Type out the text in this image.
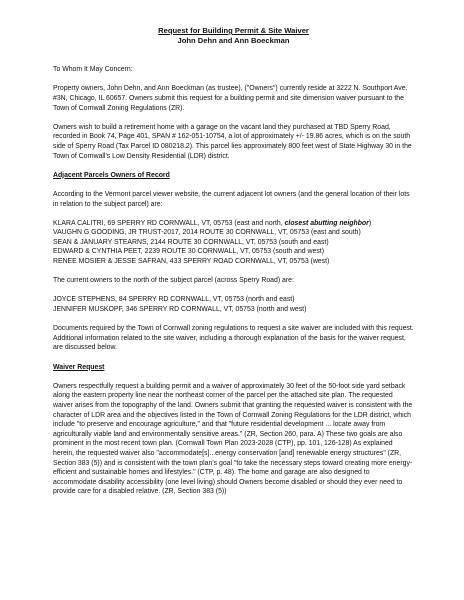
Request for Building Permit & Site Waiver
John Dehn and Ann Boeckman

To Whom It May Concern:

Property owners, John Dehn, and Ann Boeckman (as trustee), ("Owners") currently reside at 3222 N. Southport Ave. #3N, Chicago, IL 60657. Owners submit this request for a building permit and site dimension waiver pursuant to the Town of Cornwall Zoning Regulations (ZR).

Owners wish to build a retirement home with a garage on the vacant land they purchased at TBD Sperry Road, recorded in Book 74, Page 401, SPAN # 162-051-10754, a lot of approximately +/- 19.86 acres, which is on the south side of Sperry Road (Tax Parcel ID 080218.2). This parcel lies approximately 800 feet west of State Highway 30 in the Town of Cornwall's Low Density Residential (LDR) district.

Adjacent Parcels Owners of Record

According to the Vermont parcel viewer website, the current adjacent lot owners (and the general location of their lots in relation to the subject parcel) are:

KLARA CALITRI, 69 SPERRY RD CORNWALL, VT, 05753 (east and north, closest abutting neighbor)
VAUGHN G GOODING, JR TRUST-2017, 2014 ROUTE 30 CORNWALL, VT, 05753 (east and south)
SEAN & JANUARY STEARNS, 2144 ROUTE 30 CORNWALL, VT, 05753 (south and east)
EDWARD & CYNTHIA PEET, 2239 ROUTE 30 CORNWALL, VT, 05753 (south and west)
RENEE MOSIER & JESSE SAFRAN, 433 SPERRY ROAD CORNWALL, VT, 05753 (west)

The current owners to the north of the subject parcel (across Sperry Road) are:

JOYCE STEPHENS, 84 SPERRY RD CORNWALL, VT, 05753 (north and east)
JENNIFER MUSKOPF, 346 SPERRY RD CORNWALL, VT, 05753 (north and west)

Documents required by the Town of Cornwall zoning regulations to request a site waiver are included with this request. Additional information related to the site waiver, including a thorough explanation of the basis for the waiver request, are discussed below.

Waiver Request

Owners respectfully request a building permit and a waiver of approximately 30 feet of the 50-foot side yard setback along the eastern property line near the northeast corner of the parcel per the attached site plan. The requested waiver arises from the topography of the land. Owners submit that granting the requested waiver is consistent with the character of LDR area and the objectives listed in the Town of Cornwall Zoning Regulations for the LDR district, which include "to preserve and encourage agriculture," and that "future residential development ... locate away from agriculturally viable land and environmentally sensitive areas." (ZR, Section 260, para. A) These two goals are also prominent in the most recent town plan. (Cornwall Town Plan 2023-2028 (CTP), pp. 101, 126-128) As explained herein, the requested waiver also "accommodate[s]...energy conservation [and] renewable energy structures" (ZR, Section 383 (5)) and is consistent with the town plan's goal "to take the necessary steps toward creating more energy-efficient and sustainable homes and lifestyles." (CTP, p. 48). The home and garage are also designed to accommodate disability accessibility (one level living) should Owners become disabled or should they ever need to provide care for a disabled relative. (ZR, Section 383 (5))
